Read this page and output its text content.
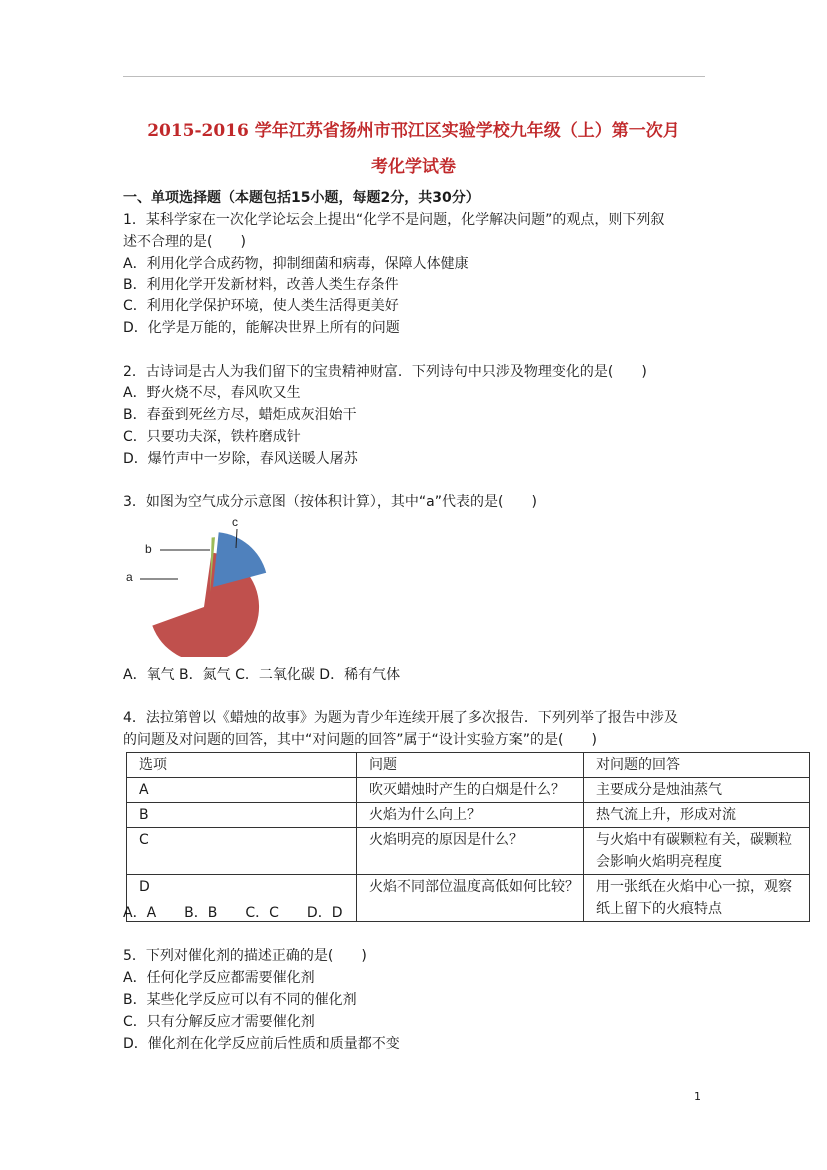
2015-2016 学年江苏省扬州市邗江区实验学校九年级（上）第一次月
考化学试卷
一、单项选择题（本题包括15小题，每题2分，共30分）
1．某科学家在一次化学论坛会上提出“化学不是问题，化学解决问题”的观点，则下列叙
述不合理的是(　　)
A．利用化学合成药物，抑制细菌和病毒，保障人体健康
B．利用化学开发新材料，改善人类生存条件
C．利用化学保护环境，使人类生活得更美好
D．化学是万能的，能解决世界上所有的问题
2．古诗词是古人为我们留下的宝贵精神财富．下列诗句中只涉及物理变化的是(　　)
A．野火烧不尽，春风吹又生
B．春蚕到死丝方尽，蜡炬成灰泪始干
C．只要功夫深，铁杵磨成针
D．爆竹声中一岁除，春风送暖人屠苏
3．如图为空气成分示意图（按体积计算），其中“a”代表的是(　　)
a
b
c
A．氧气 B．氮气 C．二氧化碳 D．稀有气体
4．法拉第曾以《蜡烛的故事》为题为青少年连续开展了多次报告．下列列举了报告中涉及
的问题及对问题的回答，其中“对问题的回答”属于“设计实验方案”的是(　　)
选项	问题	对问题的回答
A	吹灭蜡烛时产生的白烟是什么？	主要成分是烛油蒸气
B	火焰为什么向上？	热气流上升，形成对流
C	火焰明亮的原因是什么？	与火焰中有碳颗粒有关，碳颗粒会影响火焰明亮程度
D	火焰不同部位温度高低如何比较？	用一张纸在火焰中心一掠，观察纸上留下的火痕特点
A．A　　B．B　　C．C　　D．D
5．下列对催化剂的描述正确的是(　　)
A．任何化学反应都需要催化剂
B．某些化学反应可以有不同的催化剂
C．只有分解反应才需要催化剂
D．催化剂在化学反应前后性质和质量都不变
1
